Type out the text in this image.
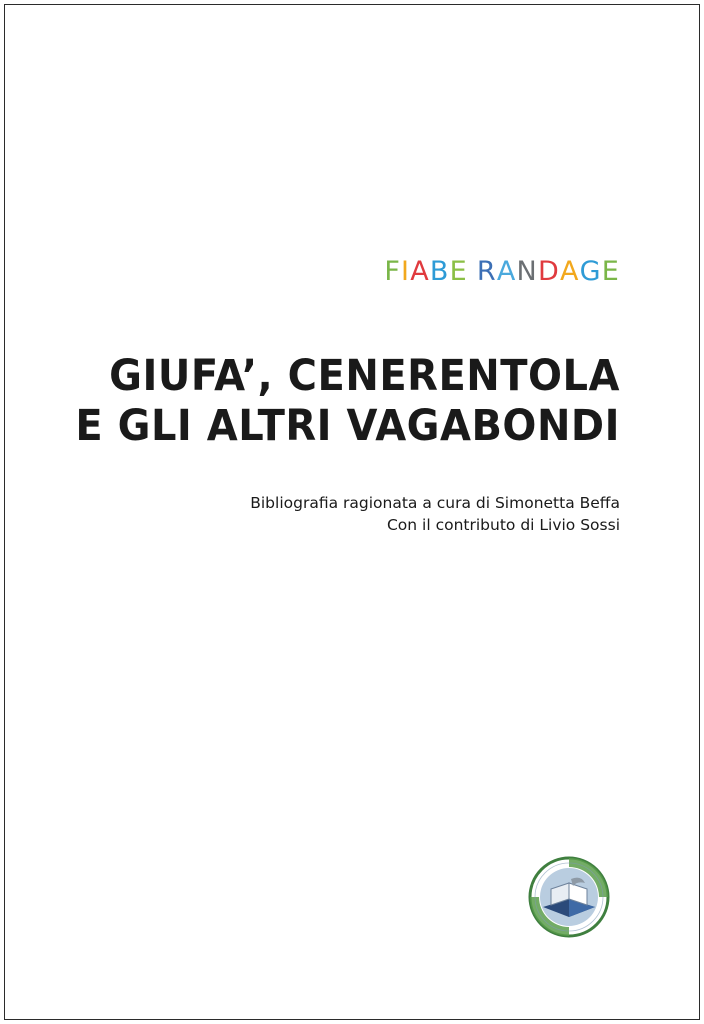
FIABE RANDAGE
GIUFA’, CENERENTOLA
E GLI ALTRI VAGABONDI
Bibliografia ragionata a cura di Simonetta Beffa
Con il contributo di Livio Sossi
